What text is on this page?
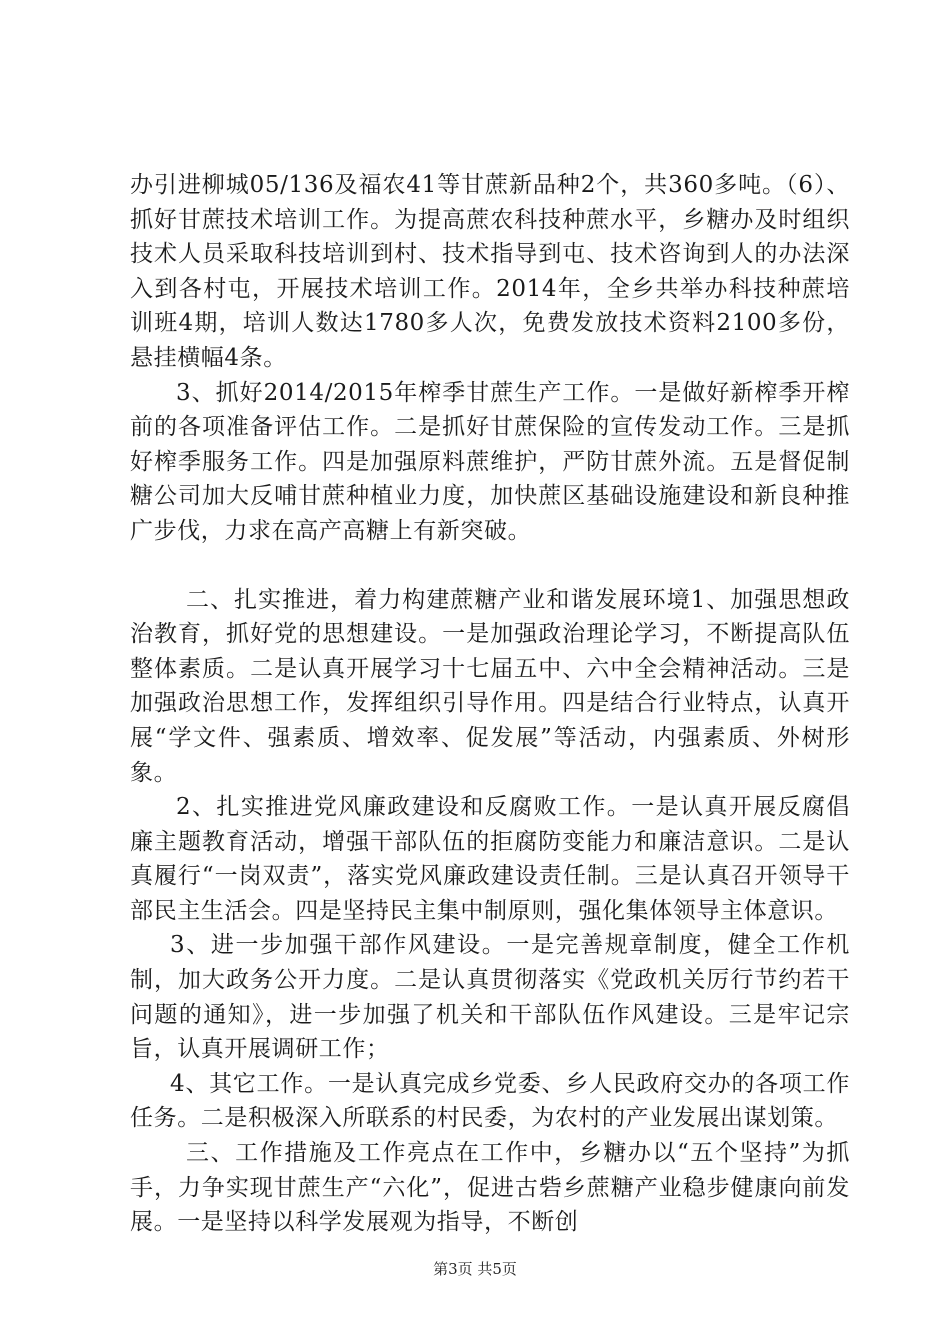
办引进柳城05/136及福农41等甘蔗新品种2个，共360多吨。（6）、抓好甘蔗技术培训工作。为提高蔗农科技种蔗水平，乡糖办及时组织技术人员采取科技培训到村、技术指导到屯、技术咨询到人的办法深入到各村屯，开展技术培训工作。2014年，全乡共举办科技种蔗培训班4期，培训人数达1780多人次，免费发放技术资料2100多份，悬挂横幅4条。

3、抓好2014/2015年榨季甘蔗生产工作。一是做好新榨季开榨前的各项准备评估工作。二是抓好甘蔗保险的宣传发动工作。三是抓好榨季服务工作。四是加强原料蔗维护，严防甘蔗外流。五是督促制糖公司加大反哺甘蔗种植业力度，加快蔗区基础设施建设和新良种推广步伐，力求在高产高糖上有新突破。

二、扎实推进，着力构建蔗糖产业和谐发展环境1、加强思想政治教育，抓好党的思想建设。一是加强政治理论学习，不断提高队伍整体素质。二是认真开展学习十七届五中、六中全会精神活动。三是加强政治思想工作，发挥组织引导作用。四是结合行业特点，认真开展“学文件、强素质、增效率、促发展”等活动，内强素质、外树形象。

2、扎实推进党风廉政建设和反腐败工作。一是认真开展反腐倡廉主题教育活动，增强干部队伍的拒腐防变能力和廉洁意识。二是认真履行“一岗双责”，落实党风廉政建设责任制。三是认真召开领导干部民主生活会。四是坚持民主集中制原则，强化集体领导主体意识。

3、进一步加强干部作风建设。一是完善规章制度，健全工作机制，加大政务公开力度。二是认真贯彻落实《党政机关厉行节约若干问题的通知》，进一步加强了机关和干部队伍作风建设。三是牢记宗旨，认真开展调研工作；

4、其它工作。一是认真完成乡党委、乡人民政府交办的各项工作任务。二是积极深入所联系的村民委，为农村的产业发展出谋划策。

三、工作措施及工作亮点在工作中，乡糖办以“五个坚持”为抓手，力争实现甘蔗生产“六化”，促进古砦乡蔗糖产业稳步健康向前发展。一是坚持以科学发展观为指导，不断创

第3页 共5页
